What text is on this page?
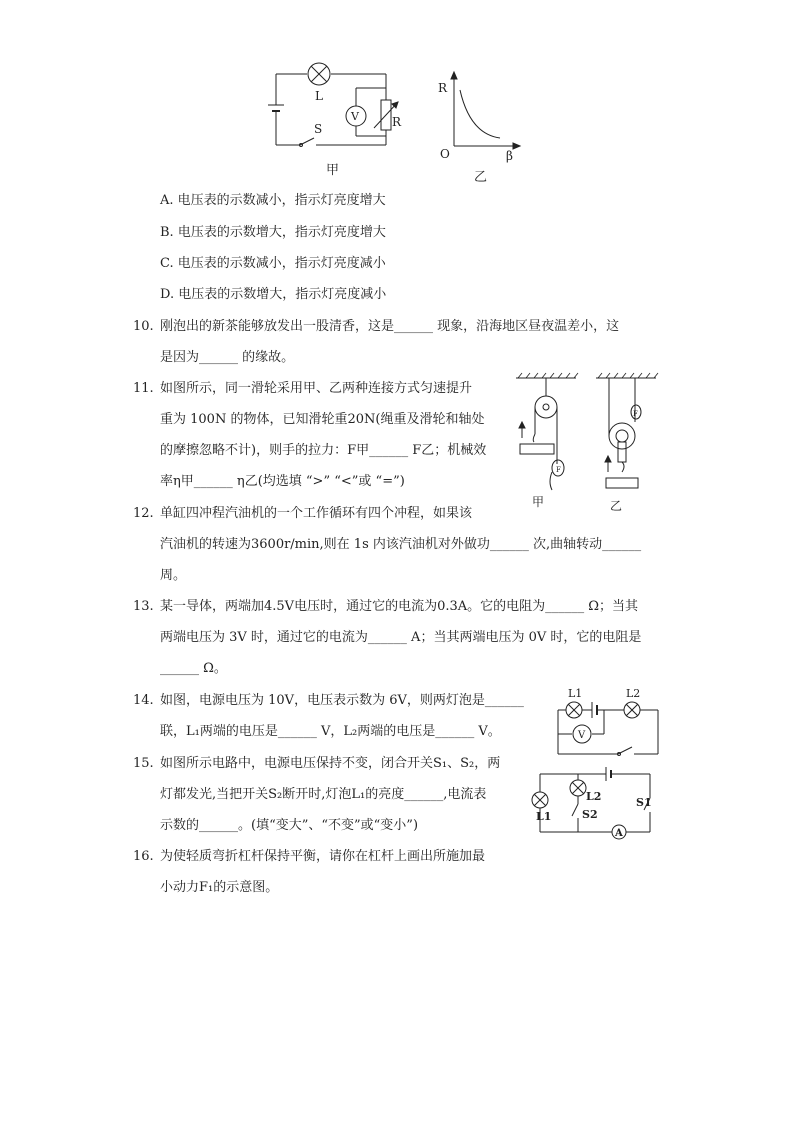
L
V	R
S
甲
R
O	β
乙
A. 电压表的示数减小，指示灯亮度增大
B. 电压表的示数增大，指示灯亮度增大
C. 电压表的示数减小，指示灯亮度减小
D. 电压表的示数增大，指示灯亮度减小
10. 刚泡出的新茶能够放发出一股清香，这是______ 现象，沿海地区昼夜温差小，这
是因为______ 的缘故。
11. 如图所示，同一滑轮采用甲、乙两种连接方式匀速提升
重为 100N 的物体，已知滑轮重20N(绳重及滑轮和轴处
的摩擦忽略不计)，则手的拉力：F甲______ F乙；机械效
率η甲______ η乙(均选填 “>” “<”或 “=”)
F
F
甲	乙
12. 单缸四冲程汽油机的一个工作循环有四个冲程，如果该
汽油机的转速为3600r/min,则在 1s 内该汽油机对外做功______ 次,曲轴转动______
周。
13. 某一导体，两端加4.5V电压时，通过它的电流为0.3A。它的电阻为______ Ω；当其
两端电压为 3V 时，通过它的电流为______ A；当其两端电压为 0V 时，它的电阻是
______ Ω。
14. 如图，电源电压为 10V，电压表示数为 6V，则两灯泡是______
联，L₁两端的电压是______ V，L₂两端的电压是______ V。
L1	L2
V
15. 如图所示电路中，电源电压保持不变，闭合开关S₁、S₂，两
灯都发光,当把开关S₂断开时,灯泡L₁的亮度______,电流表
示数的______。(填“变大”、“不变”或“变小”)
L1
L2	S1
S2
A
16. 为使轻质弯折杠杆保持平衡，请你在杠杆上画出所施加最
小动力F₁的示意图。
